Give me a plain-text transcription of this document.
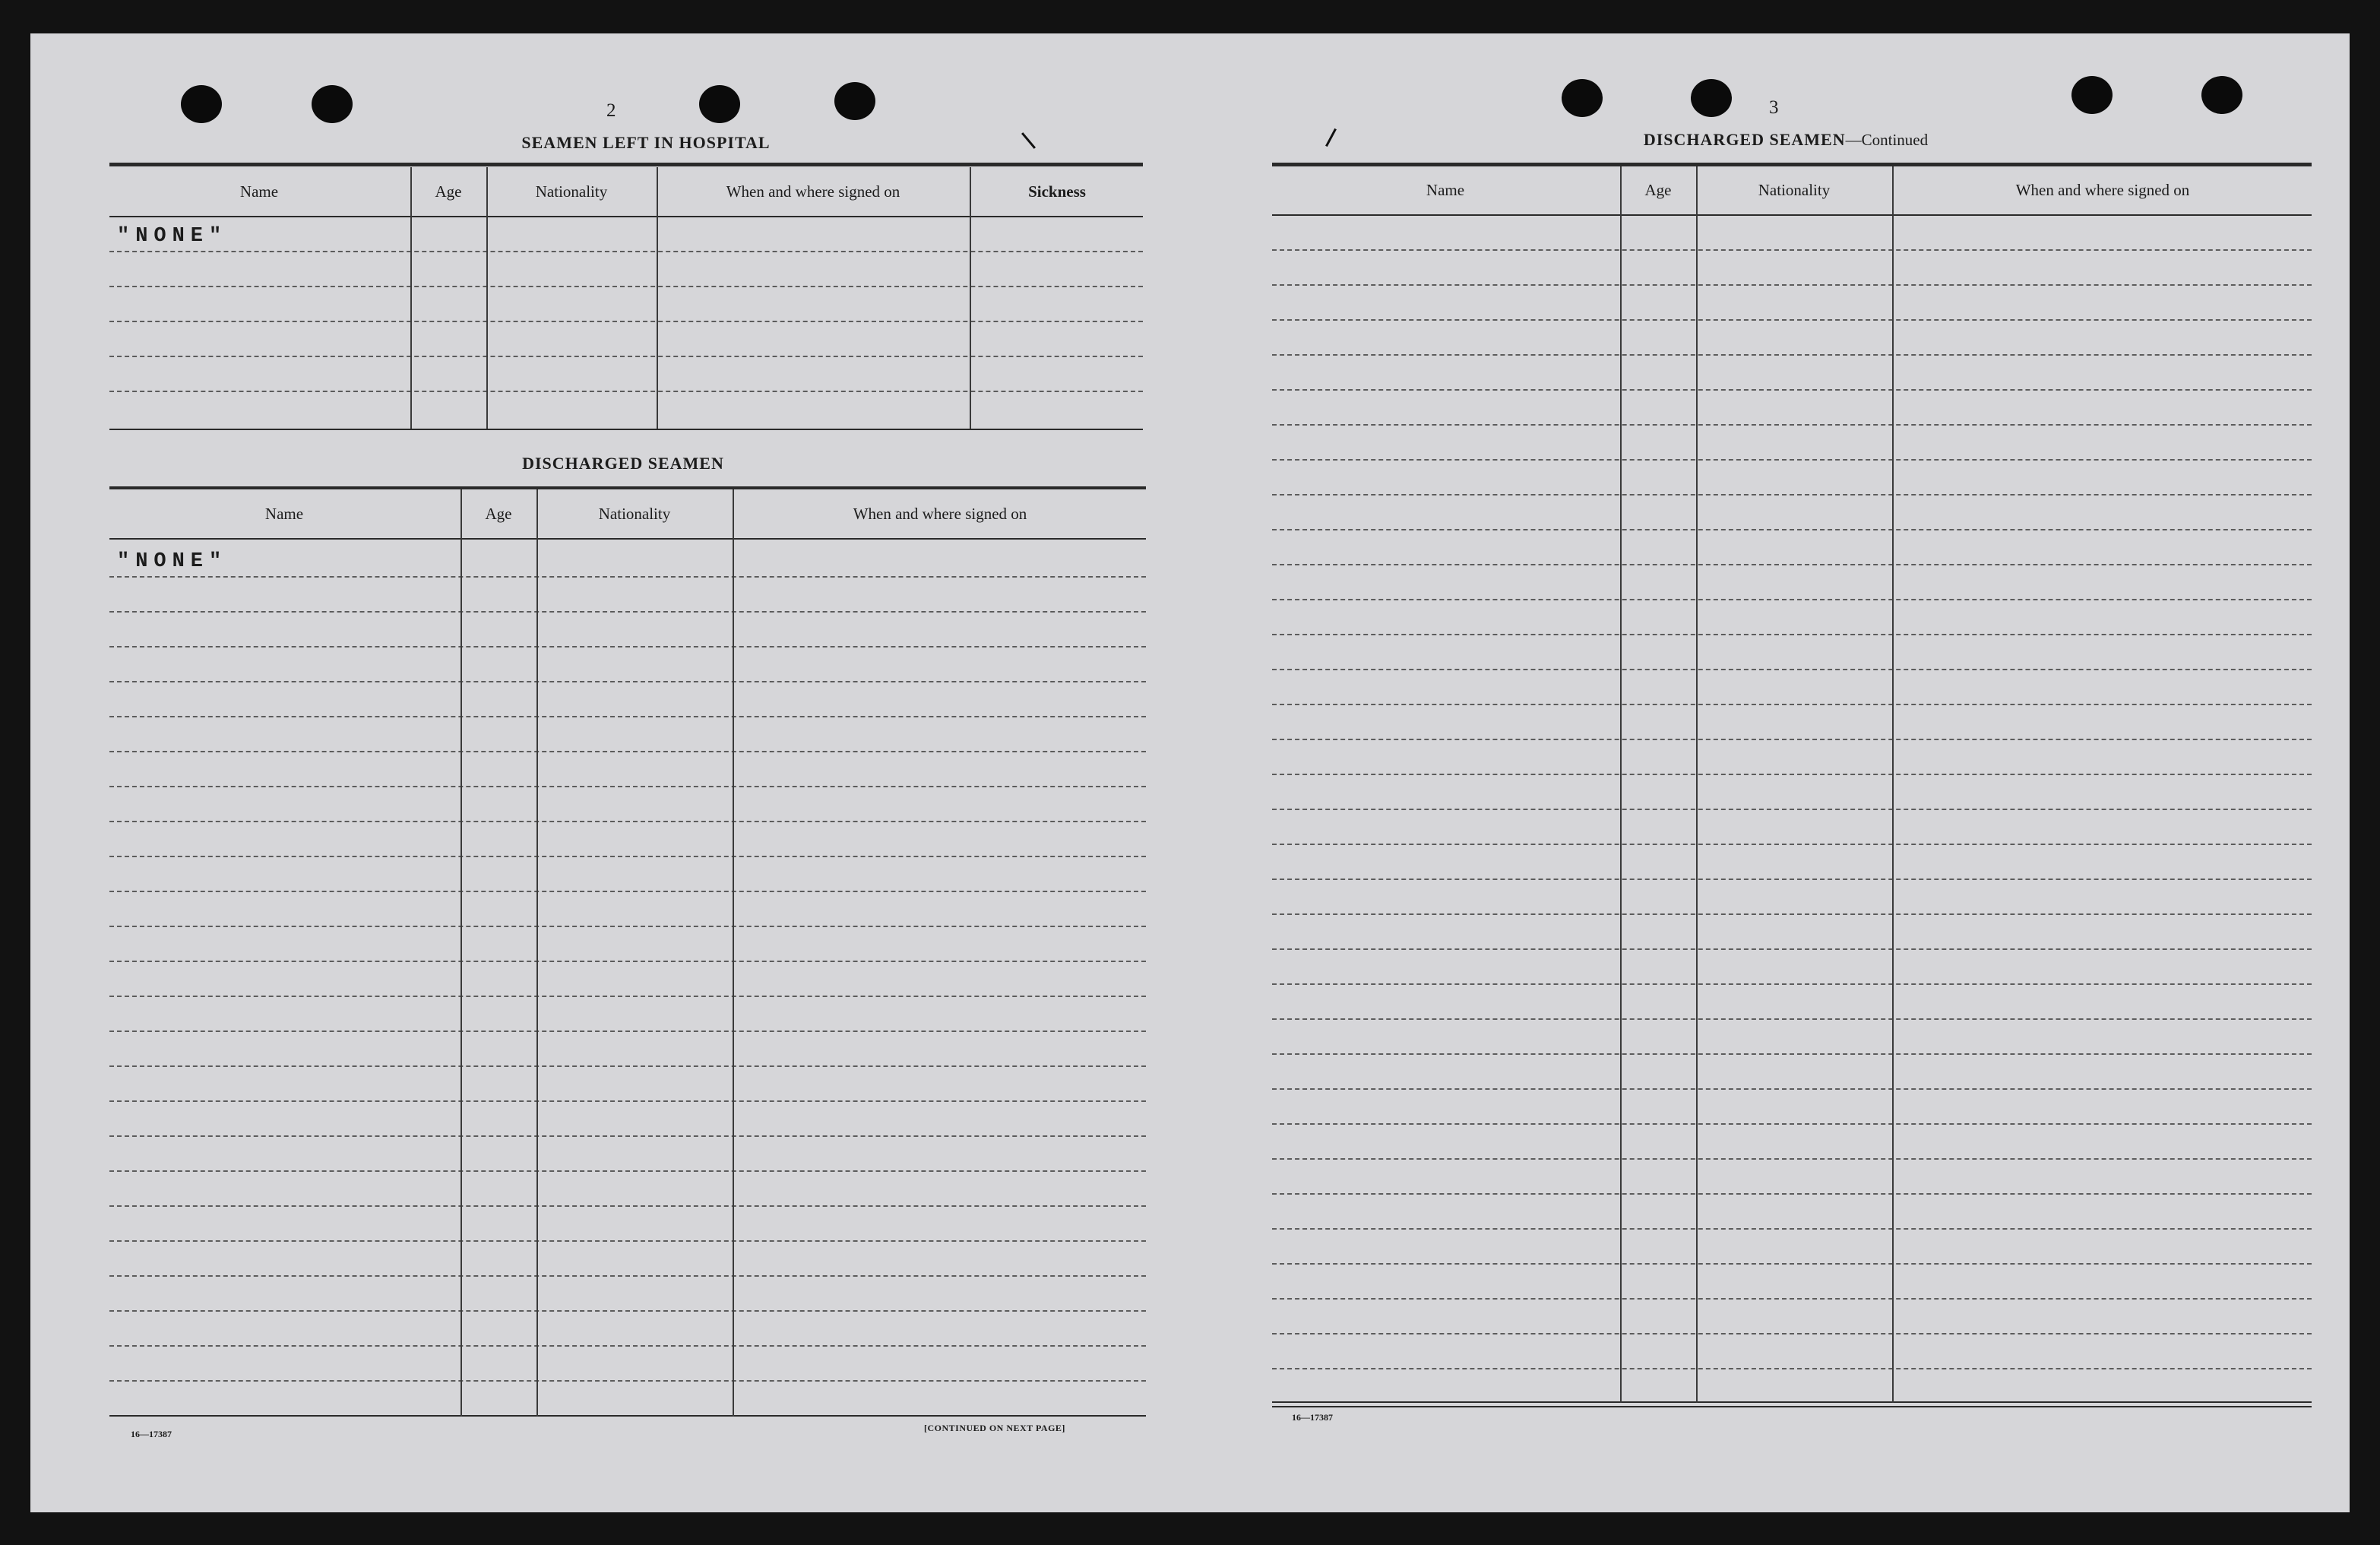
2
SEAMEN LEFT IN HOSPITAL
Name	Age	Nationality	When and where signed on	Sickness
"NONE"
DISCHARGED SEAMEN
Name	Age	Nationality	When and where signed on
"NONE"
16—17387
[CONTINUED ON NEXT PAGE]
3
DISCHARGED SEAMEN—Continued
Name	Age	Nationality	When and where signed on
16—17387
